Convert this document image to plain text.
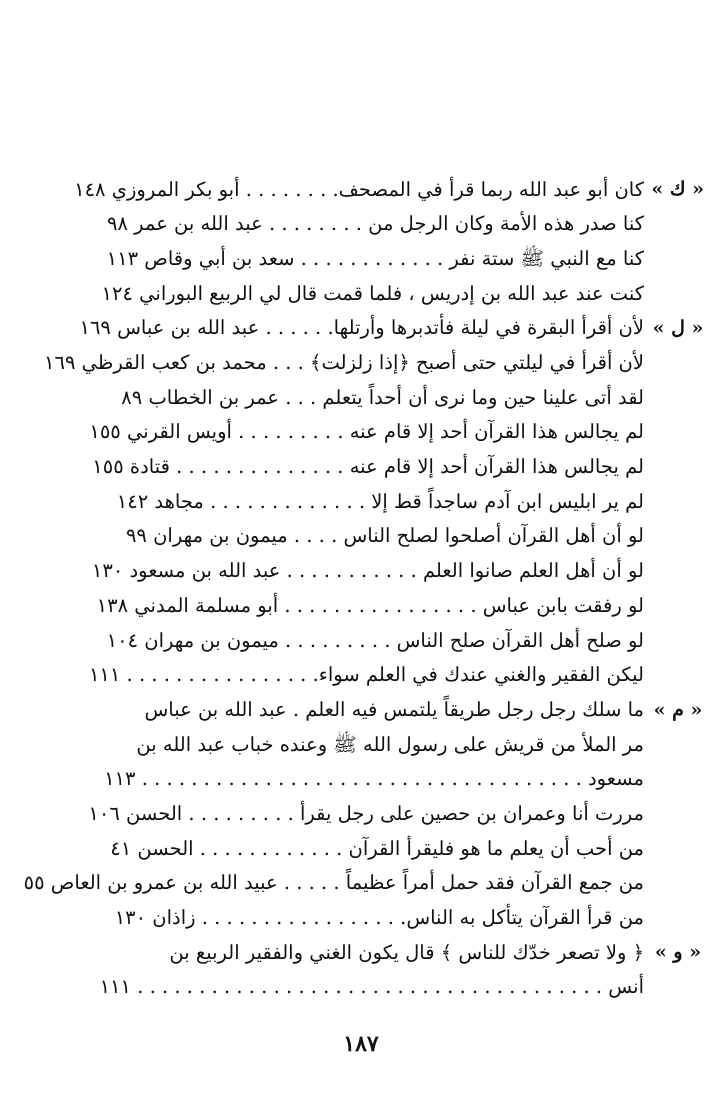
« ك »
كان أبو عبد الله ربما قرأ في المصحف. . . . . . . . أبو بكر المروزي ١٤٨
كنا صدر هذه الأمة وكان الرجل من . . . . . . . . عبد الله بن عمر ٩٨
كنا مع النبي ﷺ ستة نفر . . . . . . . . . . . . سعد بن أبي وقاص ١١٣
كنت عند عبد الله بن إدريس ، فلما قمت قال لي الربيع البوراني ١٢٤
« ل »
لأن أقرأ البقرة في ليلة فأتدبرها وأرتلها. . . . . . عبد الله بن عباس ١٦٩
لأن أقرأ في ليلتي حتى أصبح ﴿إذا زلزلت﴾ . . . محمد بن كعب القرظي ١٦٩
لقد أتى علينا حين وما نرى أن أحداً يتعلم . . . عمر بن الخطاب ٨٩
لم يجالس هذا القرآن أحد إلا قام عنه . . . . . . . . . أويس القرني ١٥٥
لم يجالس هذا القرآن أحد إلا قام عنه . . . . . . . . . . . . . . قتادة ١٥٥
لم ير ابليس ابن آدم ساجداً قط إلا . . . . . . . . . . . . . مجاهد ١٤٢
لو أن أهل القرآن أصلحوا لصلح الناس . . . . ميمون بن مهران ٩٩
لو أن أهل العلم صانوا العلم . . . . . . . . . . . عبد الله بن مسعود ١٣٠
لو رفقت بابن عباس . . . . . . . . . . . . . . . . أبو مسلمة المدني ١٣٨
لو صلح أهل القرآن صلح الناس . . . . . . . . . ميمون بن مهران ١٠٤
ليكن الفقير والغني عندك في العلم سواء. . . . . . . . . . . . . . . . ١١١
« م »
ما سلك رجل رجل طريقاً يلتمس فيه العلم . عبد الله بن عباس
مر الملأ من قريش على رسول الله ﷺ وعنده خباب عبد الله بن
مسعود . . . . . . . . . . . . . . . . . . . . . . . . . . . . . . . . . . . . ١١٣
مررت أنا وعمران بن حصين على رجل يقرأ . . . . . . . . . الحسن ١٠٦
من أحب أن يعلم ما هو فليقرأ القرآن . . . . . . . . . . . . الحسن ٤١
من جمع القرآن فقد حمل أمراً عظيماً . . . . . عبيد الله بن عمرو بن العاص ٥٥
من قرأ القرآن يتأكل به الناس. . . . . . . . . . . . . . . . . زاذان ١٣٠
« و »
﴿ ولا تصعر خدّك للناس ﴾ قال يكون الغني والفقير الربيع بن
أنس . . . . . . . . . . . . . . . . . . . . . . . . . . . . . . . . . . . . . . ١١١
١٨٧
